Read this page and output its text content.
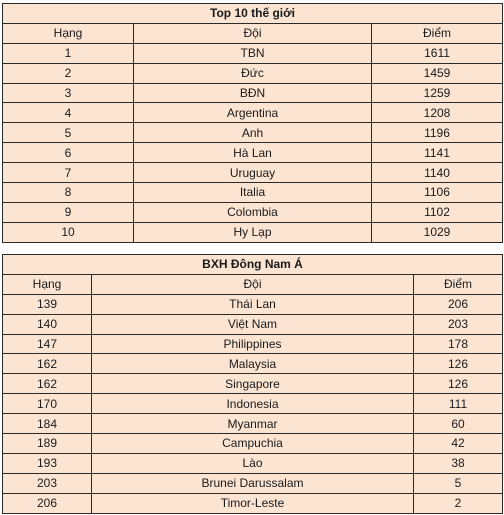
Top 10 thế giới		
Hạng	Đội	Điểm
1	TBN	1611
2	Đức	1459
3	BĐN	1259
4	Argentina	1208
5	Anh	1196
6	Hà Lan	1141
7	Uruguay	1140
8	Italia	1106
9	Colombia	1102
10	Hy Lạp	1029
BXH Đông Nam Á		
Hạng	Đội	Điểm
139	Thái Lan	206
140	Việt Nam	203
147	Philippines	178
162	Malaysia	126
162	Singapore	126
170	Indonesia	111
184	Myanmar	60
189	Campuchia	42
193	Lào	38
203	Brunei Darussalam	5
206	Timor-Leste	2
